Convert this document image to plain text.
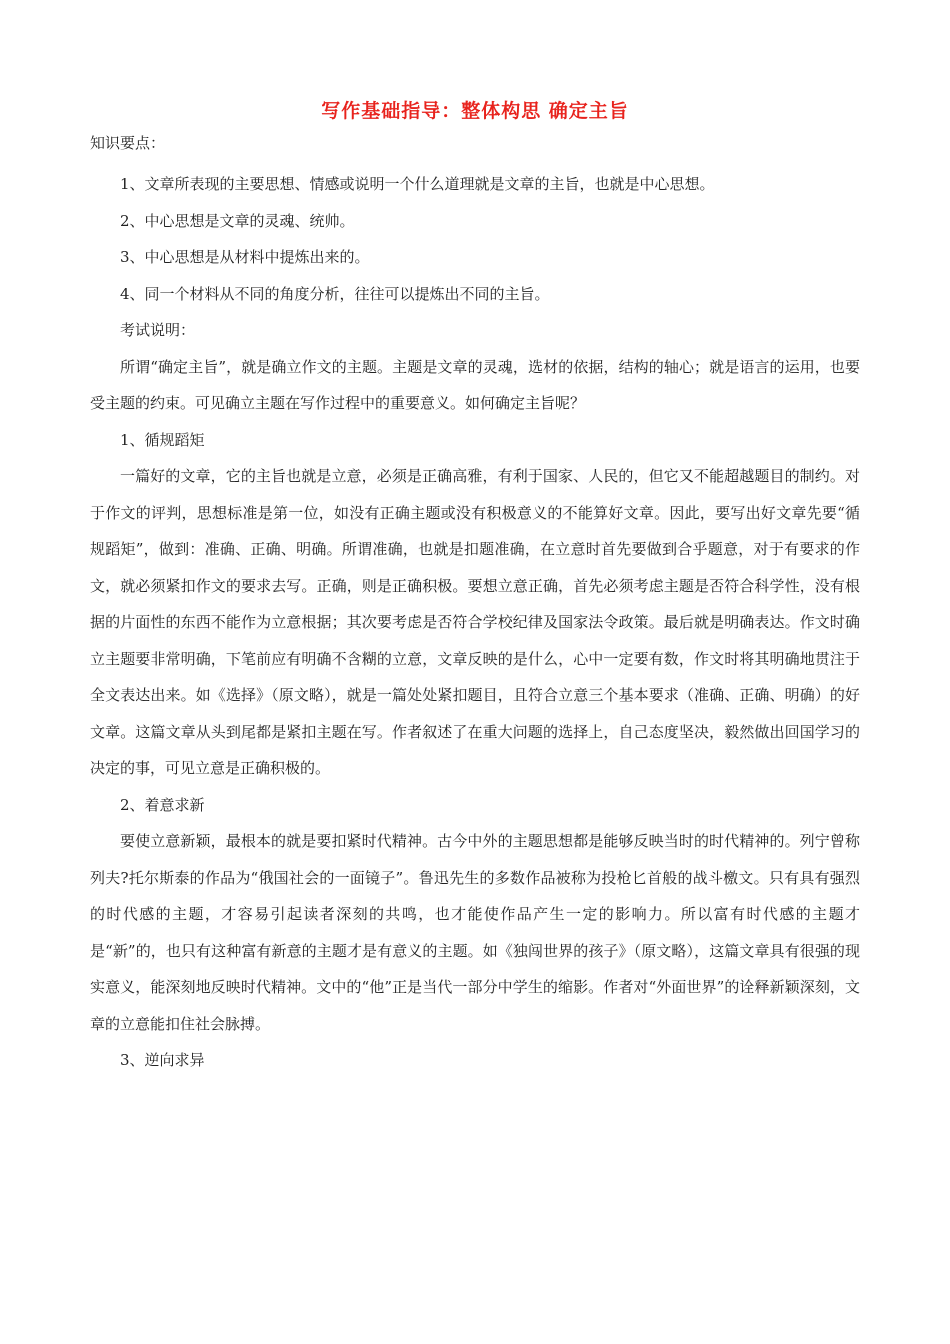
写作基础指导：整体构思 确定主旨
知识要点：

1、文章所表现的主要思想、情感或说明一个什么道理就是文章的主旨，也就是中心思想。

2、中心思想是文章的灵魂、统帅。

3、中心思想是从材料中提炼出来的。

4、同一个材料从不同的角度分析，往往可以提炼出不同的主旨。

考试说明：

所谓“确定主旨”，就是确立作文的主题。主题是文章的灵魂，选材的依据，结构的轴心；就是语言的运用，也要受主题的约束。可见确立主题在写作过程中的重要意义。如何确定主旨呢？

1、循规蹈矩

一篇好的文章，它的主旨也就是立意，必须是正确高雅，有利于国家、人民的，但它又不能超越题目的制约。对于作文的评判，思想标准是第一位，如没有正确主题或没有积极意义的不能算好文章。因此，要写出好文章先要“循规蹈矩”，做到：准确、正确、明确。所谓准确，也就是扣题准确，在立意时首先要做到合乎题意，对于有要求的作文，就必须紧扣作文的要求去写。正确，则是正确积极。要想立意正确，首先必须考虑主题是否符合科学性，没有根据的片面性的东西不能作为立意根据；其次要考虑是否符合学校纪律及国家法令政策。最后就是明确表达。作文时确立主题要非常明确，下笔前应有明确不含糊的立意，文章反映的是什么，心中一定要有数，作文时将其明确地贯注于全文表达出来。如《选择》（原文略），就是一篇处处紧扣题目，且符合立意三个基本要求（准确、正确、明确）的好文章。这篇文章从头到尾都是紧扣主题在写。作者叙述了在重大问题的选择上，自己态度坚决，毅然做出回国学习的决定的事，可见立意是正确积极的。

2、着意求新

要使立意新颖，最根本的就是要扣紧时代精神。古今中外的主题思想都是能够反映当时的时代精神的。列宁曾称列夫?托尔斯泰的作品为“俄国社会的一面镜子”。鲁迅先生的多数作品被称为投枪匕首般的战斗檄文。只有具有强烈的时代感的主题，才容易引起读者深刻的共鸣，也才能使作品产生一定的影响力。所以富有时代感的主题才是“新”的，也只有这种富有新意的主题才是有意义的主题。如《独闯世界的孩子》（原文略），这篇文章具有很强的现实意义，能深刻地反映时代精神。文中的“他”正是当代一部分中学生的缩影。作者对“外面世界”的诠释新颖深刻，文章的立意能扣住社会脉搏。

3、逆向求异
